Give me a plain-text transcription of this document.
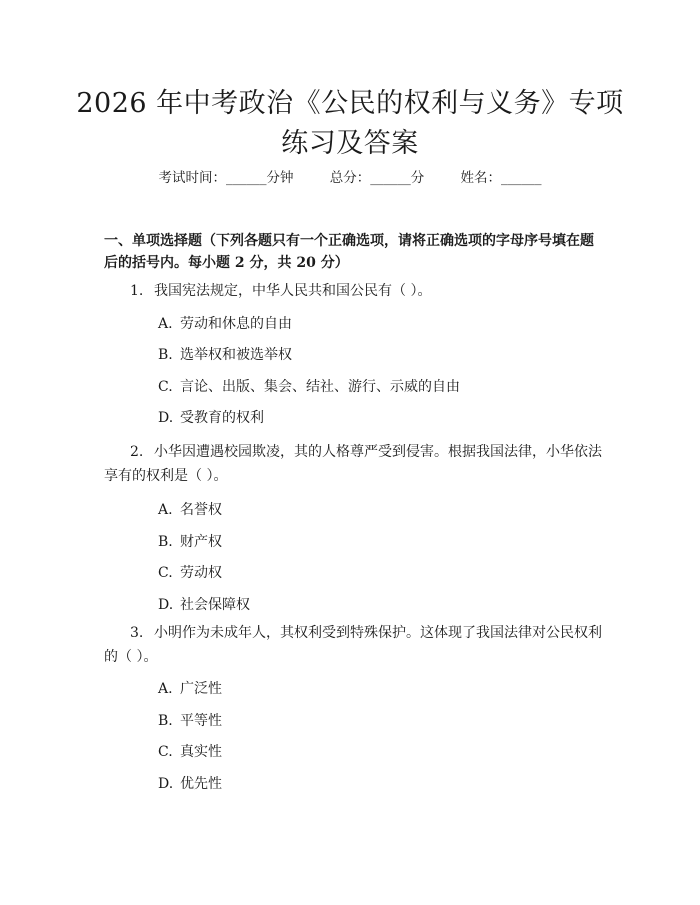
2026 年中考政治《公民的权利与义务》专项
练习及答案
考试时间：______分钟	总分：______分	姓名：______
一、单项选择题（下列各题只有一个正确选项，请将正确选项的字母序号填在题后的括号内。每小题 2 分，共 20 分）
1. 我国宪法规定，中华人民共和国公民有（ ）。
A. 劳动和休息的自由
B. 选举权和被选举权
C. 言论、出版、集会、结社、游行、示威的自由
D. 受教育的权利
2. 小华因遭遇校园欺凌，其的人格尊严受到侵害。根据我国法律，小华依法享有的权利是（ ）。
A. 名誉权
B. 财产权
C. 劳动权
D. 社会保障权
3. 小明作为未成年人，其权利受到特殊保护。这体现了我国法律对公民权利的（ ）。
A. 广泛性
B. 平等性
C. 真实性
D. 优先性
